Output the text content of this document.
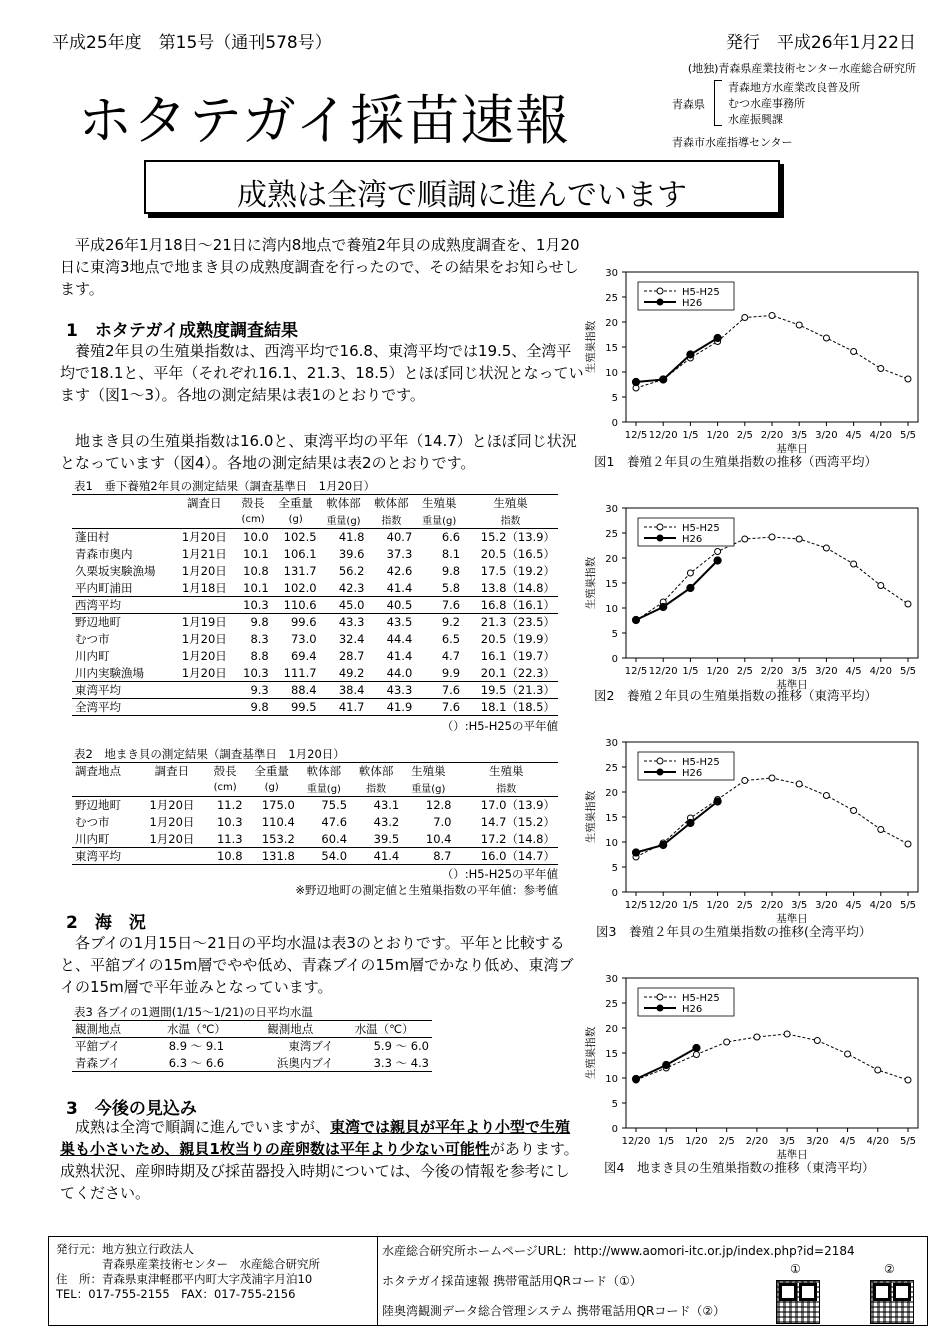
平成25年度　第15号（通刊578号）	発行　平成26年1月22日
(地独)青森県産業技術センター水産総合研究所
ホタテガイ採苗速報	青森県
青森地方水産業改良普及所
むつ水産事務所
水産振興課
青森市水産指導センター
成熟は全湾で順調に進んでいます
　平成26年1月18日～21日に湾内8地点で養殖2年貝の成熟度調査を、1月20日に東湾3地点で地まき貝の成熟度調査を行ったので、その結果をお知らせします。
1　ホタテガイ成熟度調査結果
　養殖2年貝の生殖巣指数は、西湾平均で16.8、東湾平均では19.5、全湾平均で18.1と、平年（それぞれ16.1、21.3、18.5）とほぼ同じ状況となっています（図1～3）。各地の測定結果は表1のとおりです。
　地まき貝の生殖巣指数は16.0と、東湾平均の平年（14.7）とほぼ同じ状況となっています（図4）。各地の測定結果は表2のとおりです。
表1　垂下養殖2年貝の測定結果（調査基準日　1月20日）
	調査日	殻長	全重量	軟体部	軟体部	生殖巣	生殖巣
		(cm)	(g)	重量(g)	指数	重量(g)	指数
蓬田村	1月20日	10.0	102.5	41.8	40.7	6.6	15.2（13.9）
青森市奥内	1月21日	10.1	106.1	39.6	37.3	8.1	20.5（16.5）
久栗坂実験漁場	1月20日	10.8	131.7	56.2	42.6	9.8	17.5（19.2）
平内町浦田	1月18日	10.1	102.0	42.3	41.4	5.8	13.8（14.8）
西湾平均		10.3	110.6	45.0	40.5	7.6	16.8（16.1）
野辺地町	1月19日	9.8	99.6	43.3	43.5	9.2	21.3（23.5）
むつ市	1月20日	8.3	73.0	32.4	44.4	6.5	20.5（19.9）
川内町	1月20日	8.8	69.4	28.7	41.4	4.7	16.1（19.7）
川内実験漁場	1月20日	10.3	111.7	49.2	44.0	9.9	20.1（22.3）
東湾平均		9.3	88.4	38.4	43.3	7.6	19.5（21.3）
全湾平均		9.8	99.5	41.7	41.9	7.6	18.1（18.5）
（）:H5-H25の平年値
表2　地まき貝の測定結果（調査基準日　1月20日）
調査地点	調査日	殻長	全重量	軟体部	軟体部	生殖巣	生殖巣
		(cm)	(g)	重量(g)	指数	重量(g)	指数
野辺地町	1月20日	11.2	175.0	75.5	43.1	12.8	17.0（13.9）
むつ市	1月20日	10.3	110.4	47.6	43.2	7.0	14.7（15.2）
川内町	1月20日	11.3	153.2	60.4	39.5	10.4	17.2（14.8）
東湾平均		10.8	131.8	54.0	41.4	8.7	16.0（14.7）
（）:H5-H25の平年値
※野辺地町の測定値と生殖巣指数の平年値：参考値
2　海　況
　各ブイの1月15日～21日の平均水温は表3のとおりです。平年と比較すると、平舘ブイの15m層でやや低め、青森ブイの15m層でかなり低め、東湾ブイの15m層で平年並みとなっています。
表3 各ブイの1週間(1/15～1/21)の日平均水温
観測地点	水温（℃）	観測地点	水温（℃）
平舘ブイ	8.9 ～ 9.1	東湾ブイ	5.9 ～ 6.0
青森ブイ	6.3 ～ 6.6	浜奥内ブイ	3.3 ～ 4.3
3　今後の見込み
　成熟は全湾で順調に進んでいますが、東湾では親貝が平年より小型で生殖巣も小さいため、親貝1枚当りの産卵数は平年より少ない可能性があります。成熟状況、産卵時期及び採苗器投入時期については、今後の情報を参考にしてください。
0
5
10
15
20
25
30
12/5 12/20 1/5 1/20 2/5 2/20 3/5 3/20 4/5 4/20 5/5
基準日
生殖巣指数
H5-H25
H26
0
5
10
15
20
25
30
12/5 12/20 1/5 1/20 2/5 2/20 3/5 3/20 4/5 4/20 5/5
基準日
生殖巣指数
H5-H25
H26
0
5
10
15
20
25
30
12/5 12/20 1/5 1/20 2/5 2/20 3/5 3/20 4/5 4/20 5/5
基準日
生殖巣指数
H5-H25
H26
0
5
10
15
20
25
30
12/20 1/5 1/20 2/5 2/20 3/5 3/20 4/5 4/20 5/5
基準日
生殖巣指数
H5-H25
H26
図1　養殖２年貝の生殖巣指数の推移（西湾平均）
図2　養殖２年貝の生殖巣指数の推移（東湾平均）
図3　養殖２年貝の生殖巣指数の推移(全湾平均）
図4　地まき貝の生殖巣指数の推移（東湾平均）
発行元：地方独立行政法人
　　　　青森県産業技術センター　水産総合研究所
住　所：青森県東津軽郡平内町大字茂浦字月泊10
TEL：017-755-2155　FAX：017-755-2156
水産総合研究所ホームページURL：http://www.aomori-itc.or.jp/index.php?id=2184
ホタテガイ採苗速報 携帯電話用QRコード（①）
陸奥湾観測データ総合管理システム 携帯電話用QRコード（②）
①	②
